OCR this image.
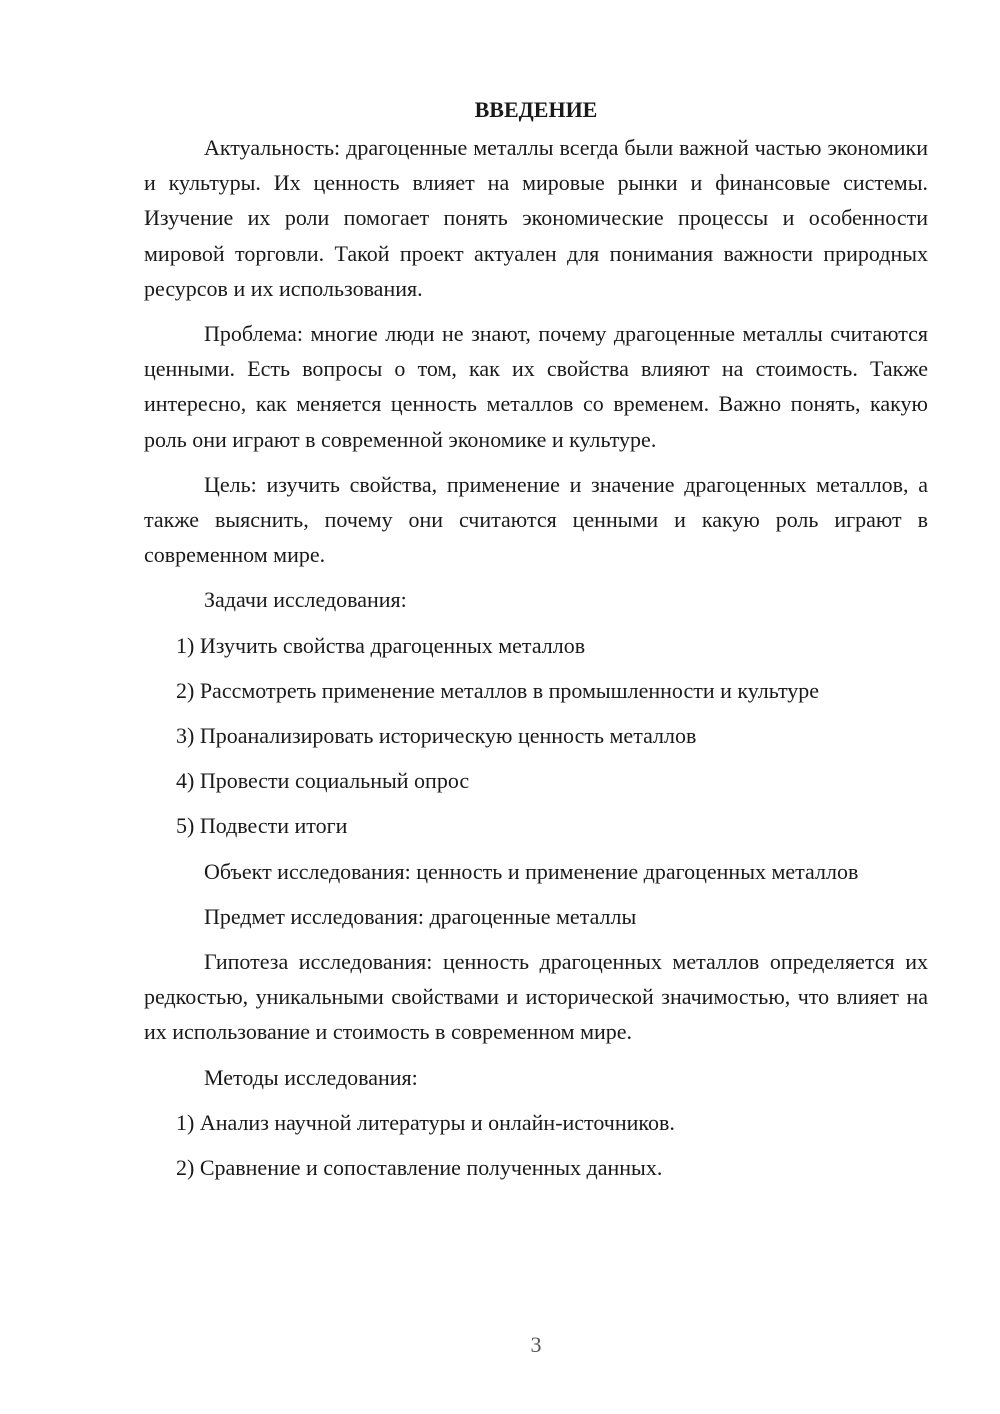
ВВЕДЕНИЕ

Актуальность: драгоценные металлы всегда были важной частью экономики и культуры. Их ценность влияет на мировые рынки и финансовые системы. Изучение их роли помогает понять экономические процессы и особенности мировой торговли. Такой проект актуален для понимания важности природных ресурсов и их использования.

Проблема: многие люди не знают, почему драгоценные металлы считаются ценными. Есть вопросы о том, как их свойства влияют на стоимость. Также интересно, как меняется ценность металлов со временем. Важно понять, какую роль они играют в современной экономике и культуре.

Цель: изучить свойства, применение и значение драгоценных металлов, а также выяснить, почему они считаются ценными и какую роль играют в современном мире.

Задачи исследования:

1) Изучить свойства драгоценных металлов
2) Рассмотреть применение металлов в промышленности и культуре
3) Проанализировать историческую ценность металлов
4) Провести социальный опрос
5) Подвести итоги

Объект исследования: ценность и применение драгоценных металлов

Предмет исследования: драгоценные металлы

Гипотеза исследования: ценность драгоценных металлов определяется их редкостью, уникальными свойствами и исторической значимостью, что влияет на их использование и стоимость в современном мире.

Методы исследования:

1) Анализ научной литературы и онлайн-источников.
2) Сравнение и сопоставление полученных данных.
3
